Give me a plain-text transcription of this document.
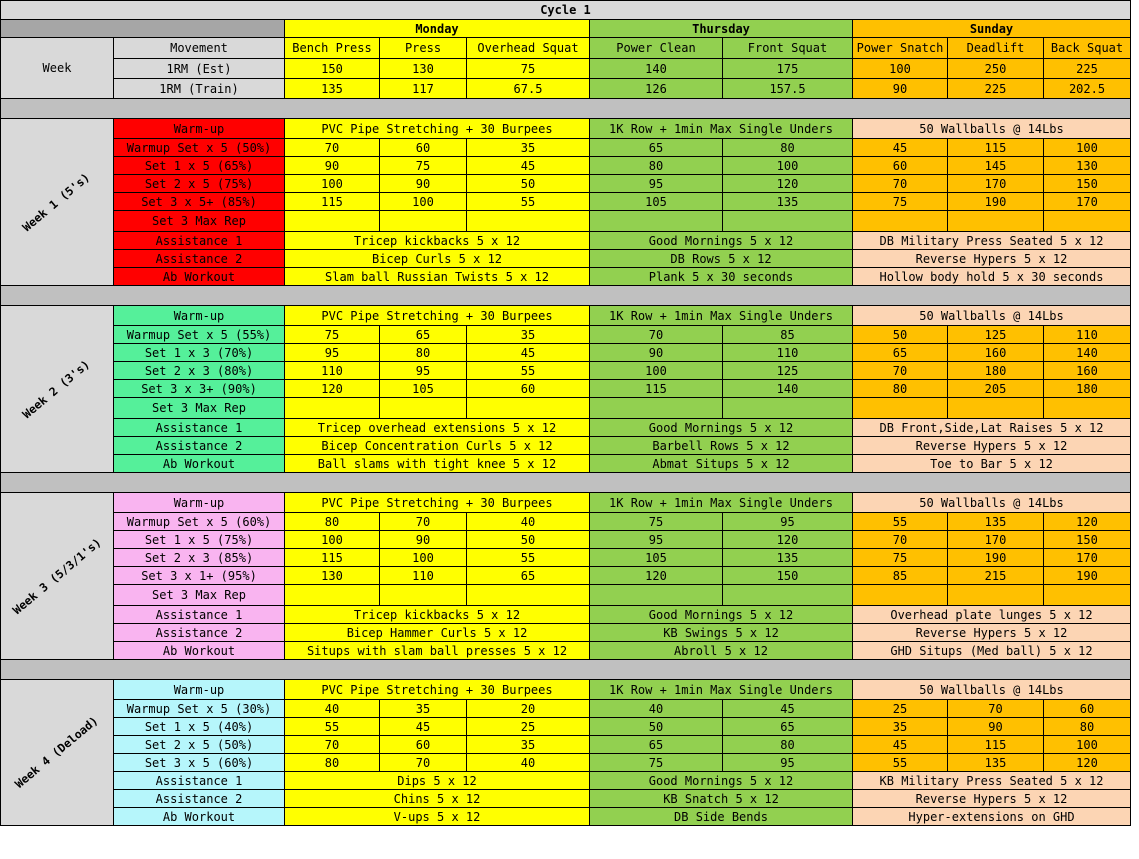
Cycle 1									
		Monday			Thursday		Sunday		
Week	Movement	Bench Press	Press	Overhead Squat	Power Clean	Front Squat	Power Snatch	Deadlift	Back Squat
	1RM (Est)	150	130	75	140	175	100	250	225
	1RM (Train)	135	117	67.5	126	157.5	90	225	202.5

Week 1 (5's)	Warm-up	PVC Pipe Stretching + 30 Burpees			1K Row + 1min Max Single Unders		50 Wallballs @ 14Lbs		
	Warmup Set x 5 (50%)	70	60	35	65	80	45	115	100
	Set 1 x 5 (65%)	90	75	45	80	100	60	145	130
	Set 2 x 5 (75%)	100	90	50	95	120	70	170	150
	Set 3 x 5+ (85%)	115	100	55	105	135	75	190	170
	Set 3 Max Rep								
	Assistance 1	Tricep kickbacks 5 x 12			Good Mornings 5 x 12		DB Military Press Seated 5 x 12		
	Assistance 2	Bicep Curls 5 x 12			DB Rows 5 x 12		Reverse Hypers 5 x 12		
	Ab Workout	Slam ball Russian Twists 5 x 12			Plank 5 x 30 seconds		Hollow body hold 5 x 30 seconds		

Week 2 (3's)	Warm-up	PVC Pipe Stretching + 30 Burpees			1K Row + 1min Max Single Unders		50 Wallballs @ 14Lbs		
	Warmup Set x 5 (55%)	75	65	35	70	85	50	125	110
	Set 1 x 3 (70%)	95	80	45	90	110	65	160	140
	Set 2 x 3 (80%)	110	95	55	100	125	70	180	160
	Set 3 x 3+ (90%)	120	105	60	115	140	80	205	180
	Set 3 Max Rep								
	Assistance 1	Tricep overhead extensions 5 x 12			Good Mornings 5 x 12		DB Front,Side,Lat Raises 5 x 12		
	Assistance 2	Bicep Concentration Curls 5 x 12			Barbell Rows 5 x 12		Reverse Hypers 5 x 12		
	Ab Workout	Ball slams with tight knee 5 x 12			Abmat Situps 5 x 12		Toe to Bar 5 x 12		

Week 3 (5/3/1's)	Warm-up	PVC Pipe Stretching + 30 Burpees			1K Row + 1min Max Single Unders		50 Wallballs @ 14Lbs		
	Warmup Set x 5 (60%)	80	70	40	75	95	55	135	120
	Set 1 x 5 (75%)	100	90	50	95	120	70	170	150
	Set 2 x 3 (85%)	115	100	55	105	135	75	190	170
	Set 3 x 1+ (95%)	130	110	65	120	150	85	215	190
	Set 3 Max Rep								
	Assistance 1	Tricep kickbacks 5 x 12			Good Mornings 5 x 12		Overhead plate lunges 5 x 12		
	Assistance 2	Bicep Hammer Curls 5 x 12			KB Swings 5 x 12		Reverse Hypers 5 x 12		
	Ab Workout	Situps with slam ball presses 5 x 12			Abroll 5 x 12		GHD Situps (Med ball) 5 x 12		

Week 4 (Deload)	Warm-up	PVC Pipe Stretching + 30 Burpees			1K Row + 1min Max Single Unders		50 Wallballs @ 14Lbs		
	Warmup Set x 5 (30%)	40	35	20	40	45	25	70	60
	Set 1 x 5 (40%)	55	45	25	50	65	35	90	80
	Set 2 x 5 (50%)	70	60	35	65	80	45	115	100
	Set 3 x 5 (60%)	80	70	40	75	95	55	135	120
	Assistance 1	Dips 5 x 12			Good Mornings 5 x 12		KB Military Press Seated 5 x 12		
	Assistance 2	Chins 5 x 12			KB Snatch 5 x 12		Reverse Hypers 5 x 12		
	Ab Workout	V-ups 5 x 12			DB Side Bends		Hyper-extensions on GHD		
